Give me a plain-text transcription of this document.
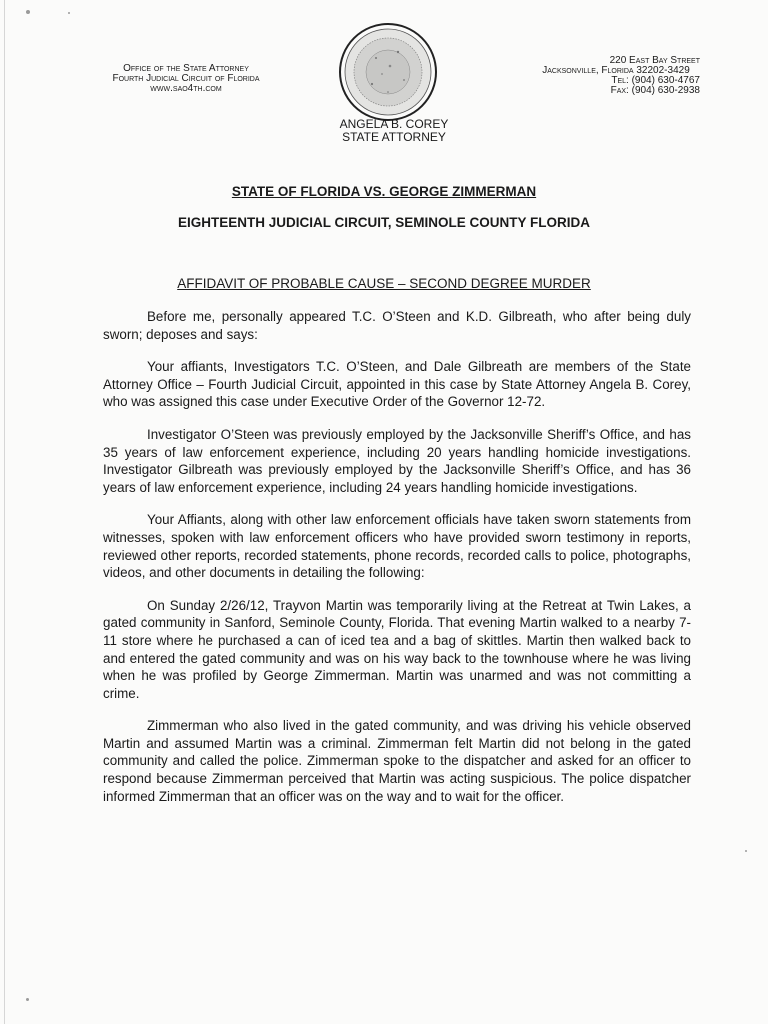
Office of the State Attorney
Fourth Judicial Circuit of Florida
www.sao4th.com
220 East Bay Street
Jacksonville, Florida 32202-3429
Tel: (904) 630-4767
Fax: (904) 630-2938
ANGELA B. COREY
STATE ATTORNEY
STATE OF FLORIDA VS. GEORGE ZIMMERMAN
EIGHTEENTH JUDICIAL CIRCUIT, SEMINOLE COUNTY FLORIDA
AFFIDAVIT OF PROBABLE CAUSE – SECOND DEGREE MURDER

Before me, personally appeared T.C. O’Steen and K.D. Gilbreath, who after being duly sworn; deposes and says:

Your affiants, Investigators T.C. O’Steen, and Dale Gilbreath are members of the State Attorney Office – Fourth Judicial Circuit, appointed in this case by State Attorney Angela B. Corey, who was assigned this case under Executive Order of the Governor 12-72.

Investigator O’Steen was previously employed by the Jacksonville Sheriff’s Office, and has 35 years of law enforcement experience, including 20 years handling homicide investigations. Investigator Gilbreath was previously employed by the Jacksonville Sheriff’s Office, and has 36 years of law enforcement experience, including 24 years handling homicide investigations.

Your Affiants, along with other law enforcement officials have taken sworn statements from witnesses, spoken with law enforcement officers who have provided sworn testimony in reports, reviewed other reports, recorded statements, phone records, recorded calls to police, photographs, videos, and other documents in detailing the following:

On Sunday 2/26/12, Trayvon Martin was temporarily living at the Retreat at Twin Lakes, a gated community in Sanford, Seminole County, Florida. That evening Martin walked to a nearby 7-11 store where he purchased a can of iced tea and a bag of skittles. Martin then walked back to and entered the gated community and was on his way back to the townhouse where he was living when he was profiled by George Zimmerman. Martin was unarmed and was not committing a crime.

Zimmerman who also lived in the gated community, and was driving his vehicle observed Martin and assumed Martin was a criminal. Zimmerman felt Martin did not belong in the gated community and called the police. Zimmerman spoke to the dispatcher and asked for an officer to respond because Zimmerman perceived that Martin was acting suspicious. The police dispatcher informed Zimmerman that an officer was on the way and to wait for the officer.
